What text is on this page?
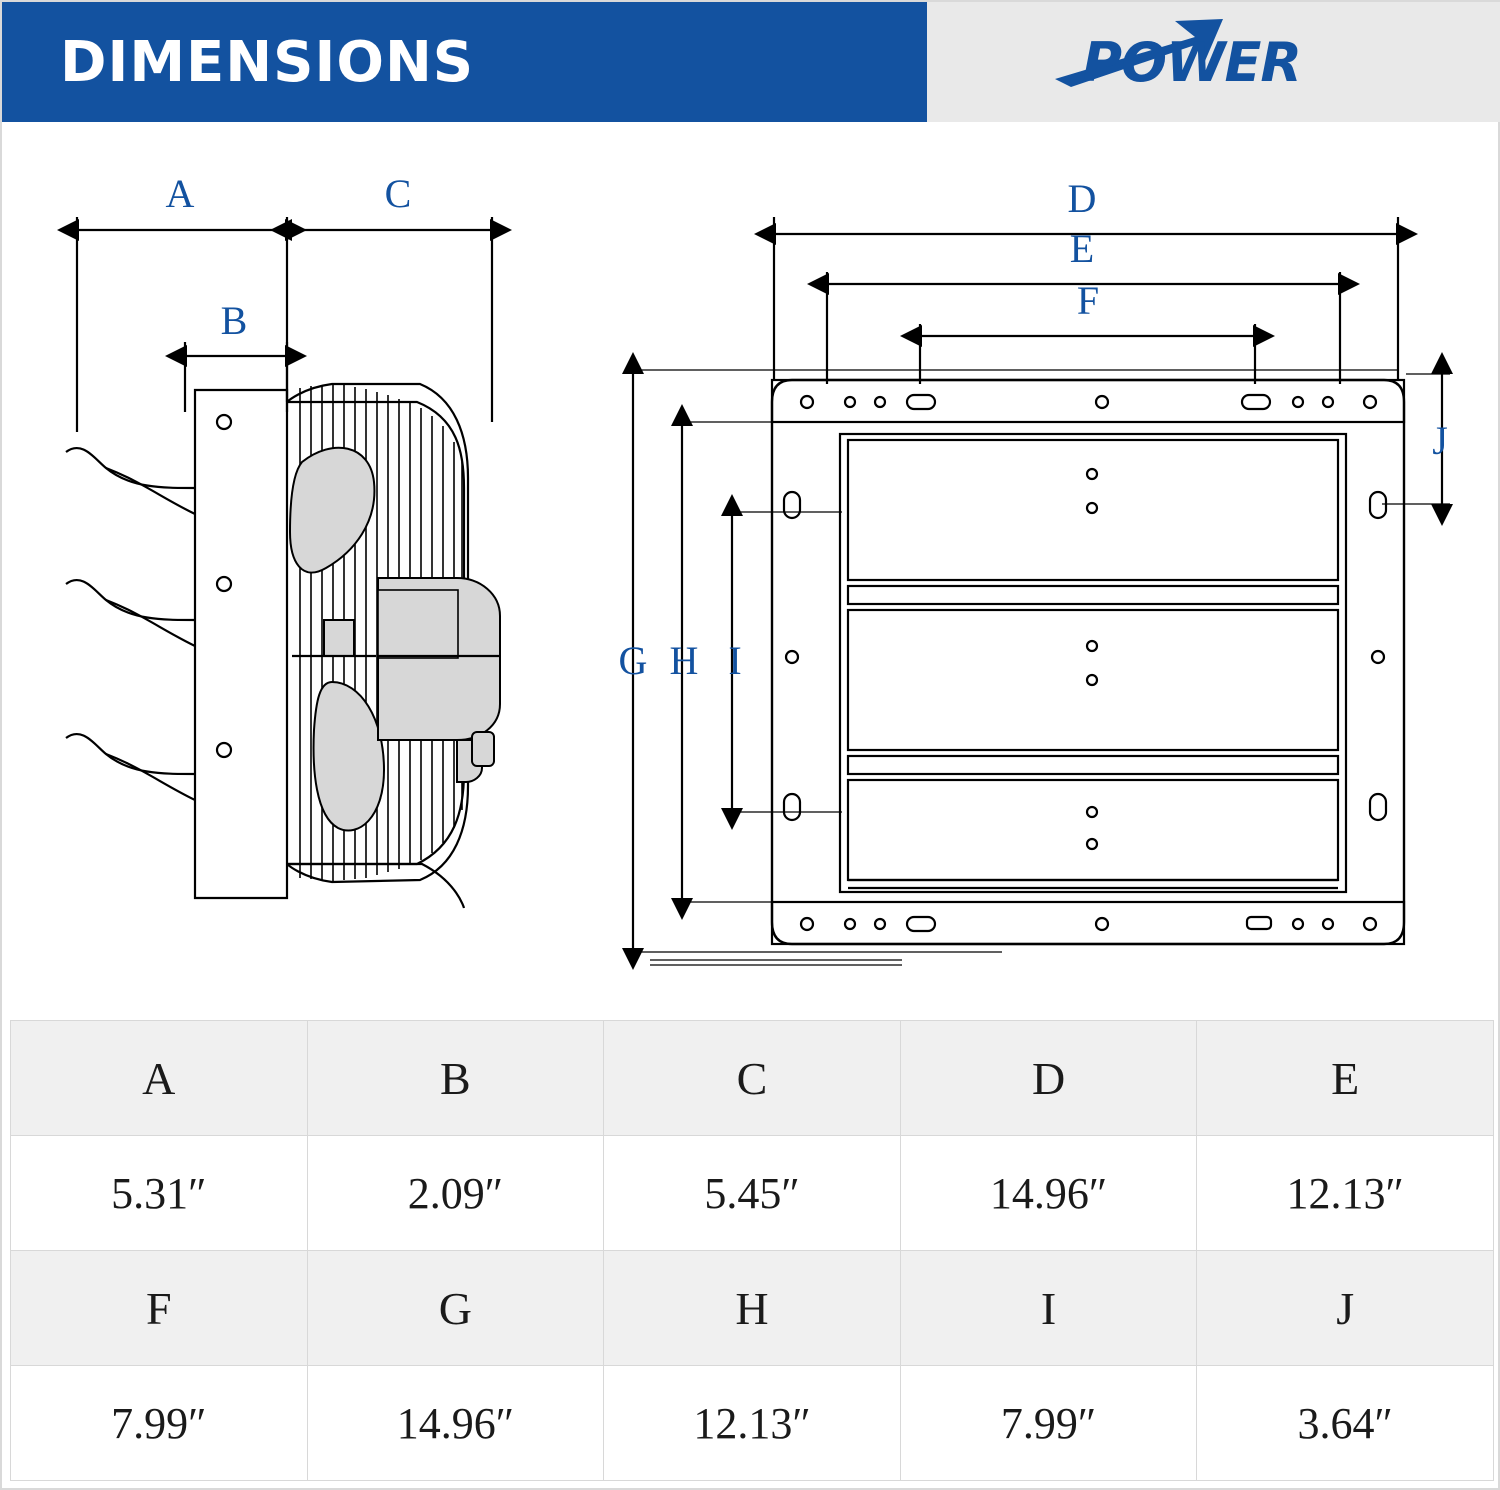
DIMENSIONS	POWER
A
B
C	D
E
F
G H I
J
A	B	C	D	E
5.31″	2.09″	5.45″	14.96″	12.13″
F	G	H	I	J
7.99″	14.96″	12.13″	7.99″	3.64″
